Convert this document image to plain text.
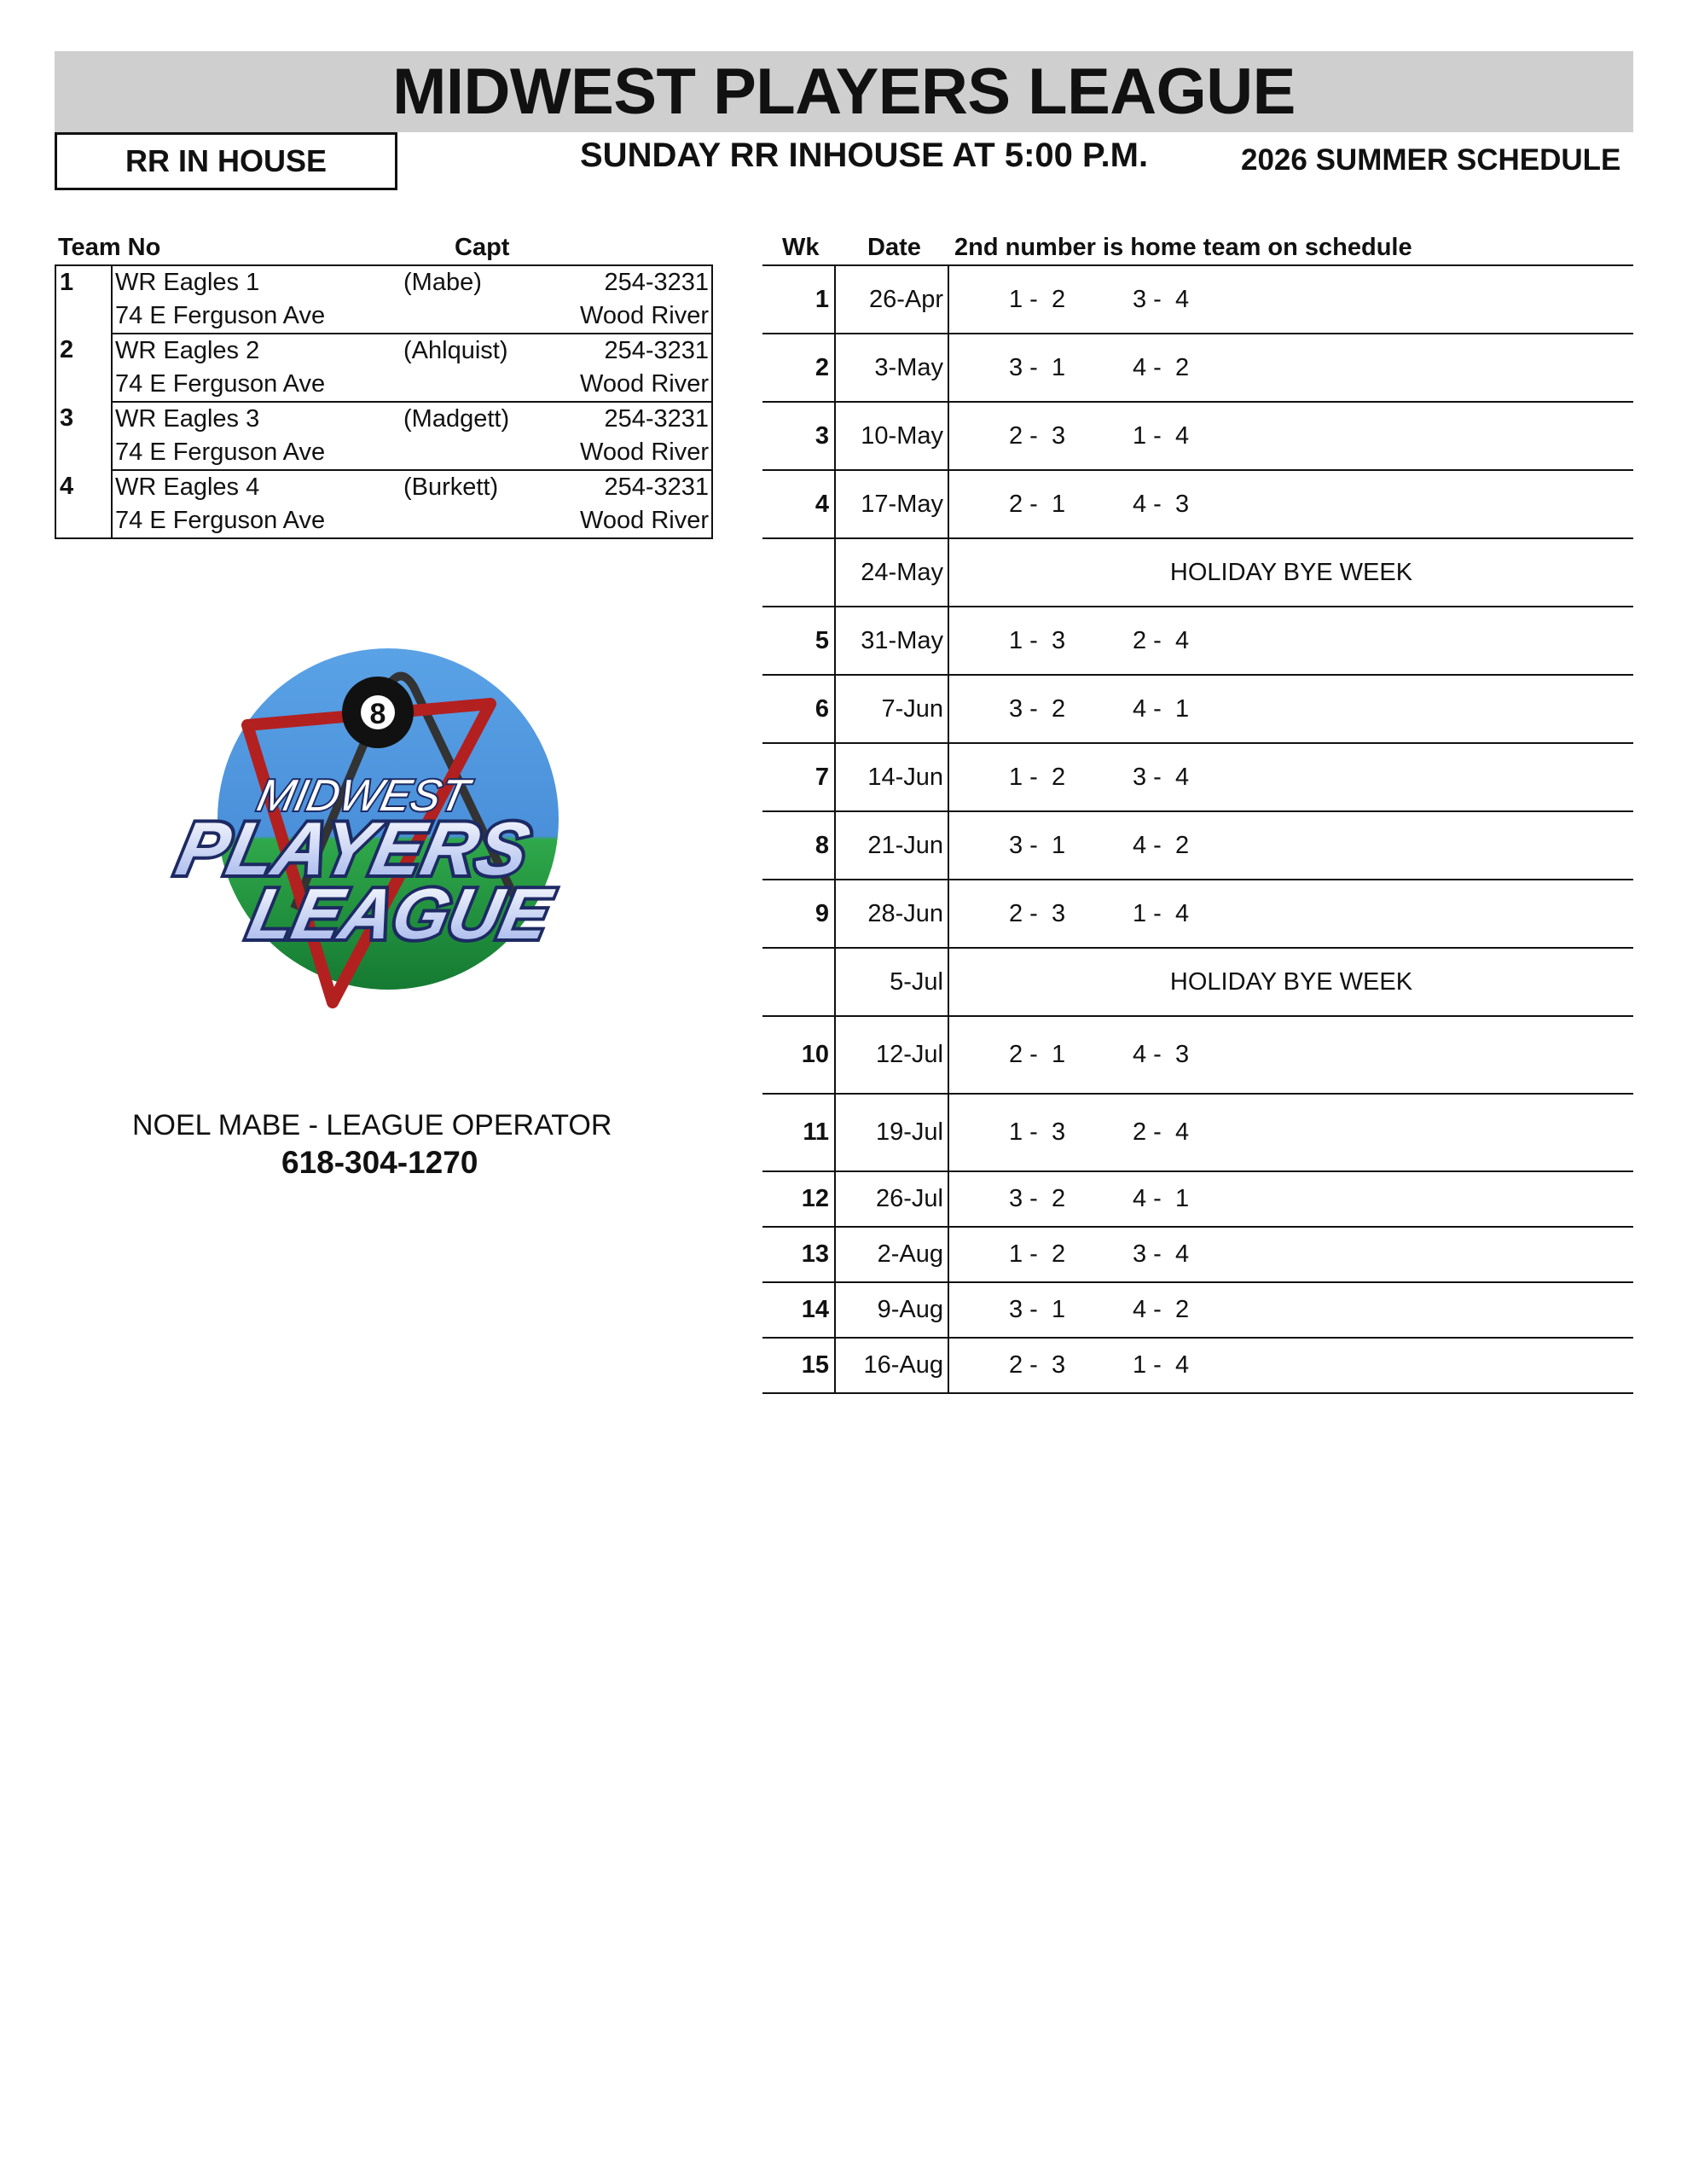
MIDWEST PLAYERS LEAGUE
RR IN HOUSE	SUNDAY RR INHOUSE AT 5:00 P.M.	2026 SUMMER SCHEDULE
Team No	Capt
1	WR Eagles 1	(Mabe)	254-3231
	74 E Ferguson Ave		Wood River
2	WR Eagles 2	(Ahlquist)	254-3231
	74 E Ferguson Ave		Wood River
3	WR Eagles 3	(Madgett)	254-3231
	74 E Ferguson Ave		Wood River
4	WR Eagles 4	(Burkett)	254-3231
	74 E Ferguson Ave		Wood River
Wk Date 2nd number is home team on schedule
1	26-Apr	1 -  2 3 -  4
2	3-May	3 -  1 4 -  2
3	10-May	2 -  3 1 -  4
4	17-May	2 -  1 4 -  3
	24-May	HOLIDAY BYE WEEK
5	31-May	1 -  3 2 -  4
6	7-Jun	3 -  2 4 -  1
7	14-Jun	1 -  2 3 -  4
8	21-Jun	3 -  1 4 -  2
9	28-Jun	2 -  3 1 -  4
	5-Jul	HOLIDAY BYE WEEK
10	12-Jul	2 -  1 4 -  3
11	19-Jul	1 -  3 2 -  4
12	26-Jul	3 -  2 4 -  1
13	2-Aug	1 -  2 3 -  4
14	9-Aug	3 -  1 4 -  2
15	16-Aug	2 -  3 1 -  4
8
MIDWEST
PLAYERS
LEAGUE
NOEL MABE - LEAGUE OPERATOR
618-304-1270
